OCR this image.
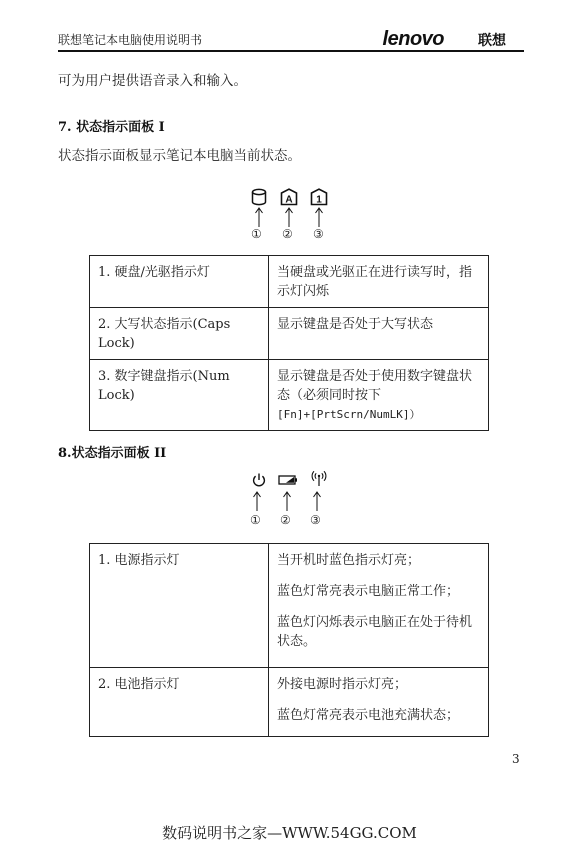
联想笔记本电脑使用说明书	lenovo 联想
可为用户提供语音录入和输入。
7. 状态指示面板 I
状态指示面板显示笔记本电脑当前状态。
A 1
① ② ③
1. 硬盘/光驱指示灯	当硬盘或光驱正在进行读写时，指示灯闪烁
2. 大写状态指示(Caps Lock)	显示键盘是否处于大写状态
3. 数字键盘指示(Num Lock)	显示键盘是否处于使用数字键盘状态（必须同时按下
[Fn]+[PrtScrn/NumLK]）
8.状态指示面板 II
① ② ③
1. 电源指示灯	当开机时蓝色指示灯亮；

蓝色灯常亮表示电脑正常工作；

蓝色灯闪烁表示电脑正在处于待机状态。

2. 电池指示灯	外接电源时指示灯亮；

蓝色灯常亮表示电池充满状态；

3
数码说明书之家—WWW.54GG.COM
